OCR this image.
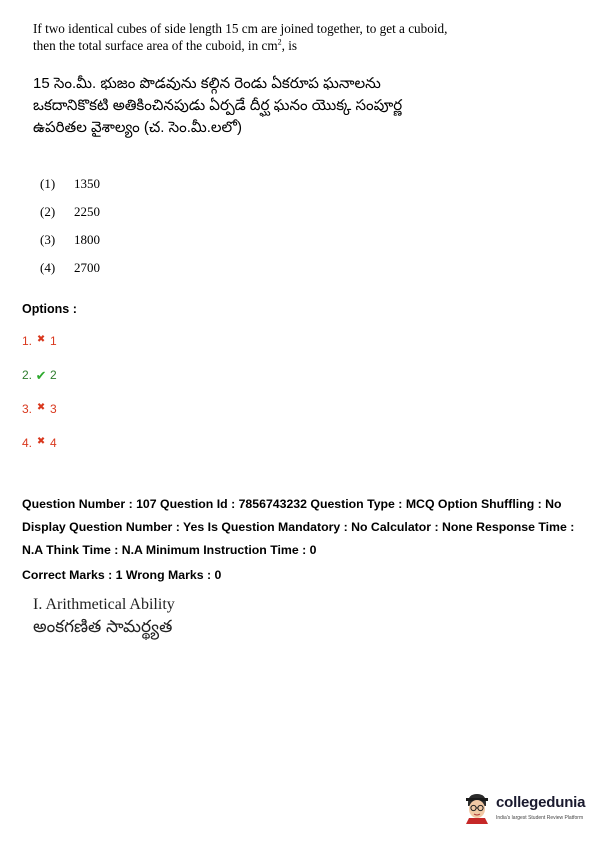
If two identical cubes of side length 15 cm are joined together, to get a cuboid,
then the total surface area of the cuboid, in $cm^2$, is
15 సెం.మీ. భుజం పొడవును కల్గిన రెండు ఏకరూప ఘనాలను
ఒకదానికొకటి అతికించినపుడు ఏర్పడే దీర్ఘ ఘనం యొక్క సంపూర్ణ
ఉపరితల వైశాల్యం (చ. సెం.మీ.లలో)
(1)	1350
(2)	2250
(3)	1800
(4)	2700
Options :
1. ✖ 1
2. ✔ 2
3. ✖ 3
4. ✖ 4
Question Number : 107 Question Id : 7856743232 Question Type : MCQ Option Shuffling : No Display Question Number : Yes Is Question Mandatory : No Calculator : None Response Time : N.A Think Time : N.A Minimum Instruction Time : 0
Correct Marks : 1 Wrong Marks : 0
I. Arithmetical Ability
అంకగణిత సామర్థ్యత
collegedunia
India's largest Student Review Platform
